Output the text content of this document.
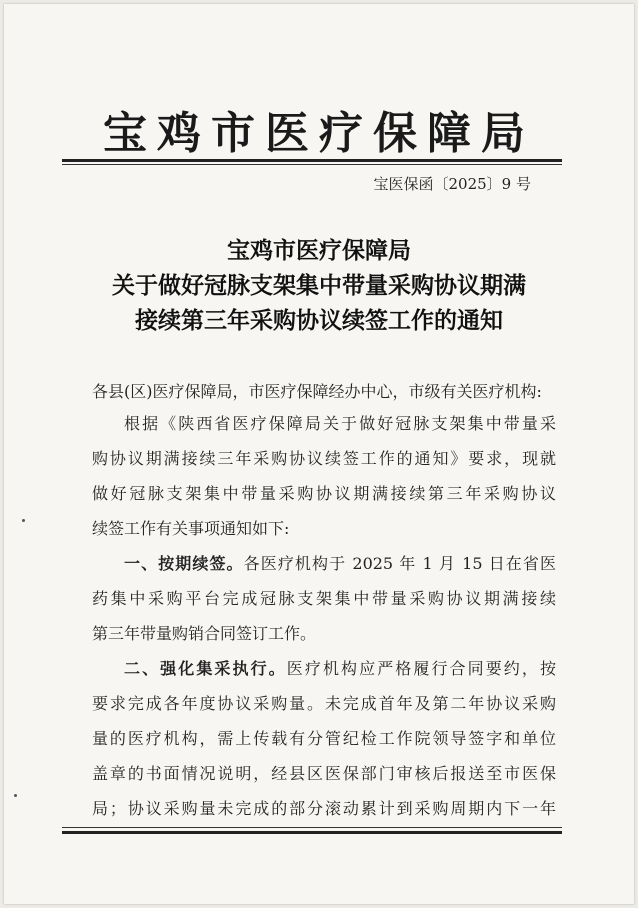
宝鸡市医疗保障局
宝医保函〔2025〕9 号
宝鸡市医疗保障局
关于做好冠脉支架集中带量采购协议期满
接续第三年采购协议续签工作的通知
各县(区)医疗保障局，市医疗保障经办中心，市级有关医疗机构:
根据《陕西省医疗保障局关于做好冠脉支架集中带量采
购协议期满接续三年采购协议续签工作的通知》要求，现就
做好冠脉支架集中带量采购协议期满接续第三年采购协议
续签工作有关事项通知如下:
一、按期续签。各医疗机构于 2025 年 1 月 15 日在省医
药集中采购平台完成冠脉支架集中带量采购协议期满接续
第三年带量购销合同签订工作。
二、强化集采执行。医疗机构应严格履行合同要约，按
要求完成各年度协议采购量。未完成首年及第二年协议采购
量的医疗机构，需上传载有分管纪检工作院领导签字和单位
盖章的书面情况说明，经县区医保部门审核后报送至市医保
局；协议采购量未完成的部分滚动累计到采购周期内下一年
